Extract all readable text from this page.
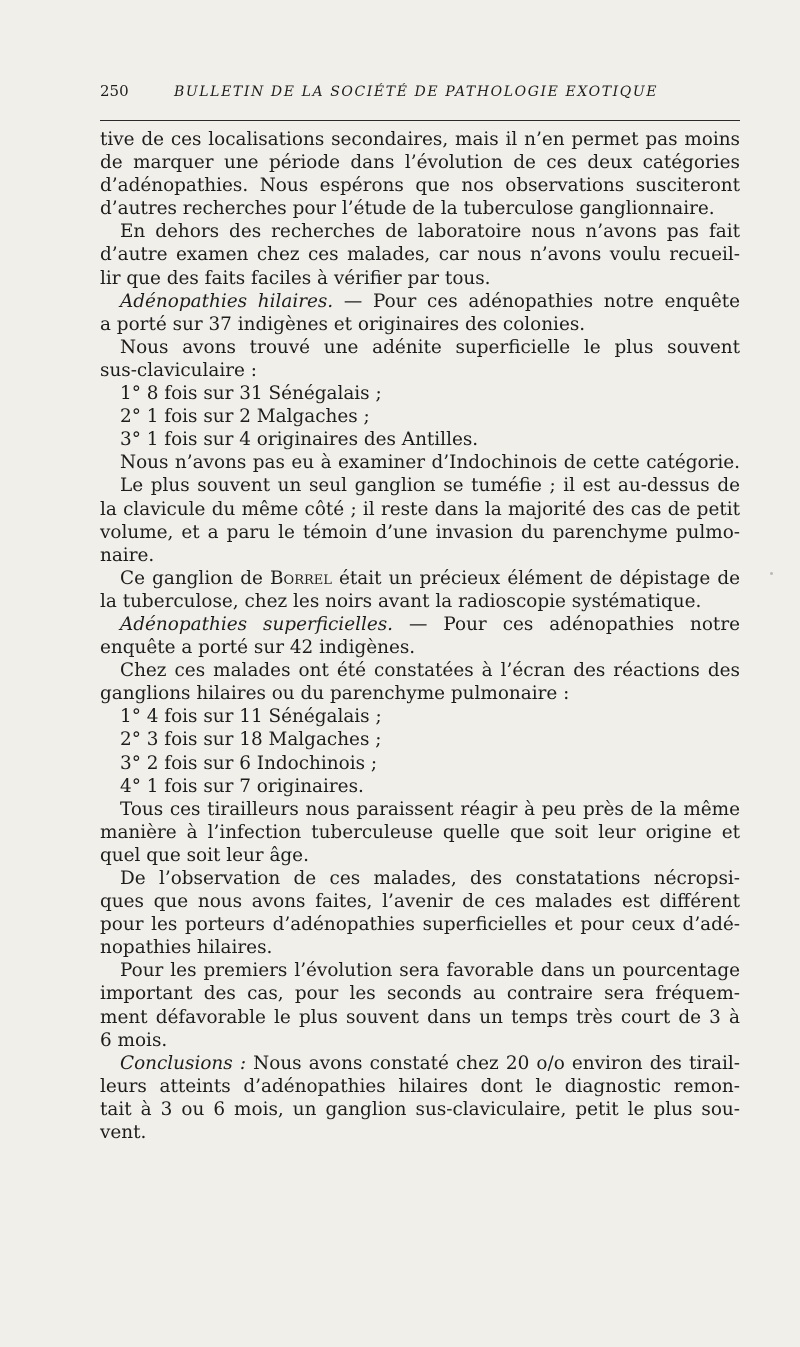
250	BULLETIN DE LA SOCIÉTÉ DE PATHOLOGIE EXOTIQUE
tive de ces localisations secondaires, mais il n’en permet pas moins
de marquer une période dans l’évolution de ces deux catégories
d’adénopathies. Nous espérons que nos observations susciteront
d’autres recherches pour l’étude de la tuberculose ganglionnaire.
En dehors des recherches de laboratoire nous n’avons pas fait
d’autre examen chez ces malades, car nous n’avons voulu recueil-
lir que des faits faciles à vérifier par tous.
Adénopathies hilaires. — Pour ces adénopathies notre enquête
a porté sur 37 indigènes et originaires des colonies.
Nous avons trouvé une adénite superficielle le plus souvent
sus-claviculaire :
1° 8 fois sur 31 Sénégalais ;
2° 1 fois sur 2 Malgaches ;
3° 1 fois sur 4 originaires des Antilles.
Nous n’avons pas eu à examiner d’Indochinois de cette catégorie.
Le plus souvent un seul ganglion se tuméfie ; il est au-dessus de
la clavicule du même côté ; il reste dans la majorité des cas de petit
volume, et a paru le témoin d’une invasion du parenchyme pulmo-
naire.
Ce ganglion de Borrel était un précieux élément de dépistage de
la tuberculose, chez les noirs avant la radioscopie systématique.
Adénopathies superficielles. — Pour ces adénopathies notre
enquête a porté sur 42 indigènes.
Chez ces malades ont été constatées à l’écran des réactions des
ganglions hilaires ou du parenchyme pulmonaire :
1° 4 fois sur 11 Sénégalais ;
2° 3 fois sur 18 Malgaches ;
3° 2 fois sur 6 Indochinois ;
4° 1 fois sur 7 originaires.
Tous ces tirailleurs nous paraissent réagir à peu près de la même
manière à l’infection tuberculeuse quelle que soit leur origine et
quel que soit leur âge.
De l’observation de ces malades, des constatations nécropsi-
ques que nous avons faites, l’avenir de ces malades est différent
pour les porteurs d’adénopathies superficielles et pour ceux d’adé-
nopathies hilaires.
Pour les premiers l’évolution sera favorable dans un pourcentage
important des cas, pour les seconds au contraire sera fréquem-
ment défavorable le plus souvent dans un temps très court de 3 à
6 mois.
Conclusions : Nous avons constaté chez 20 o/o environ des tirail-
leurs atteints d’adénopathies hilaires dont le diagnostic remon-
tait à 3 ou 6 mois, un ganglion sus-claviculaire, petit le plus sou-
vent.
